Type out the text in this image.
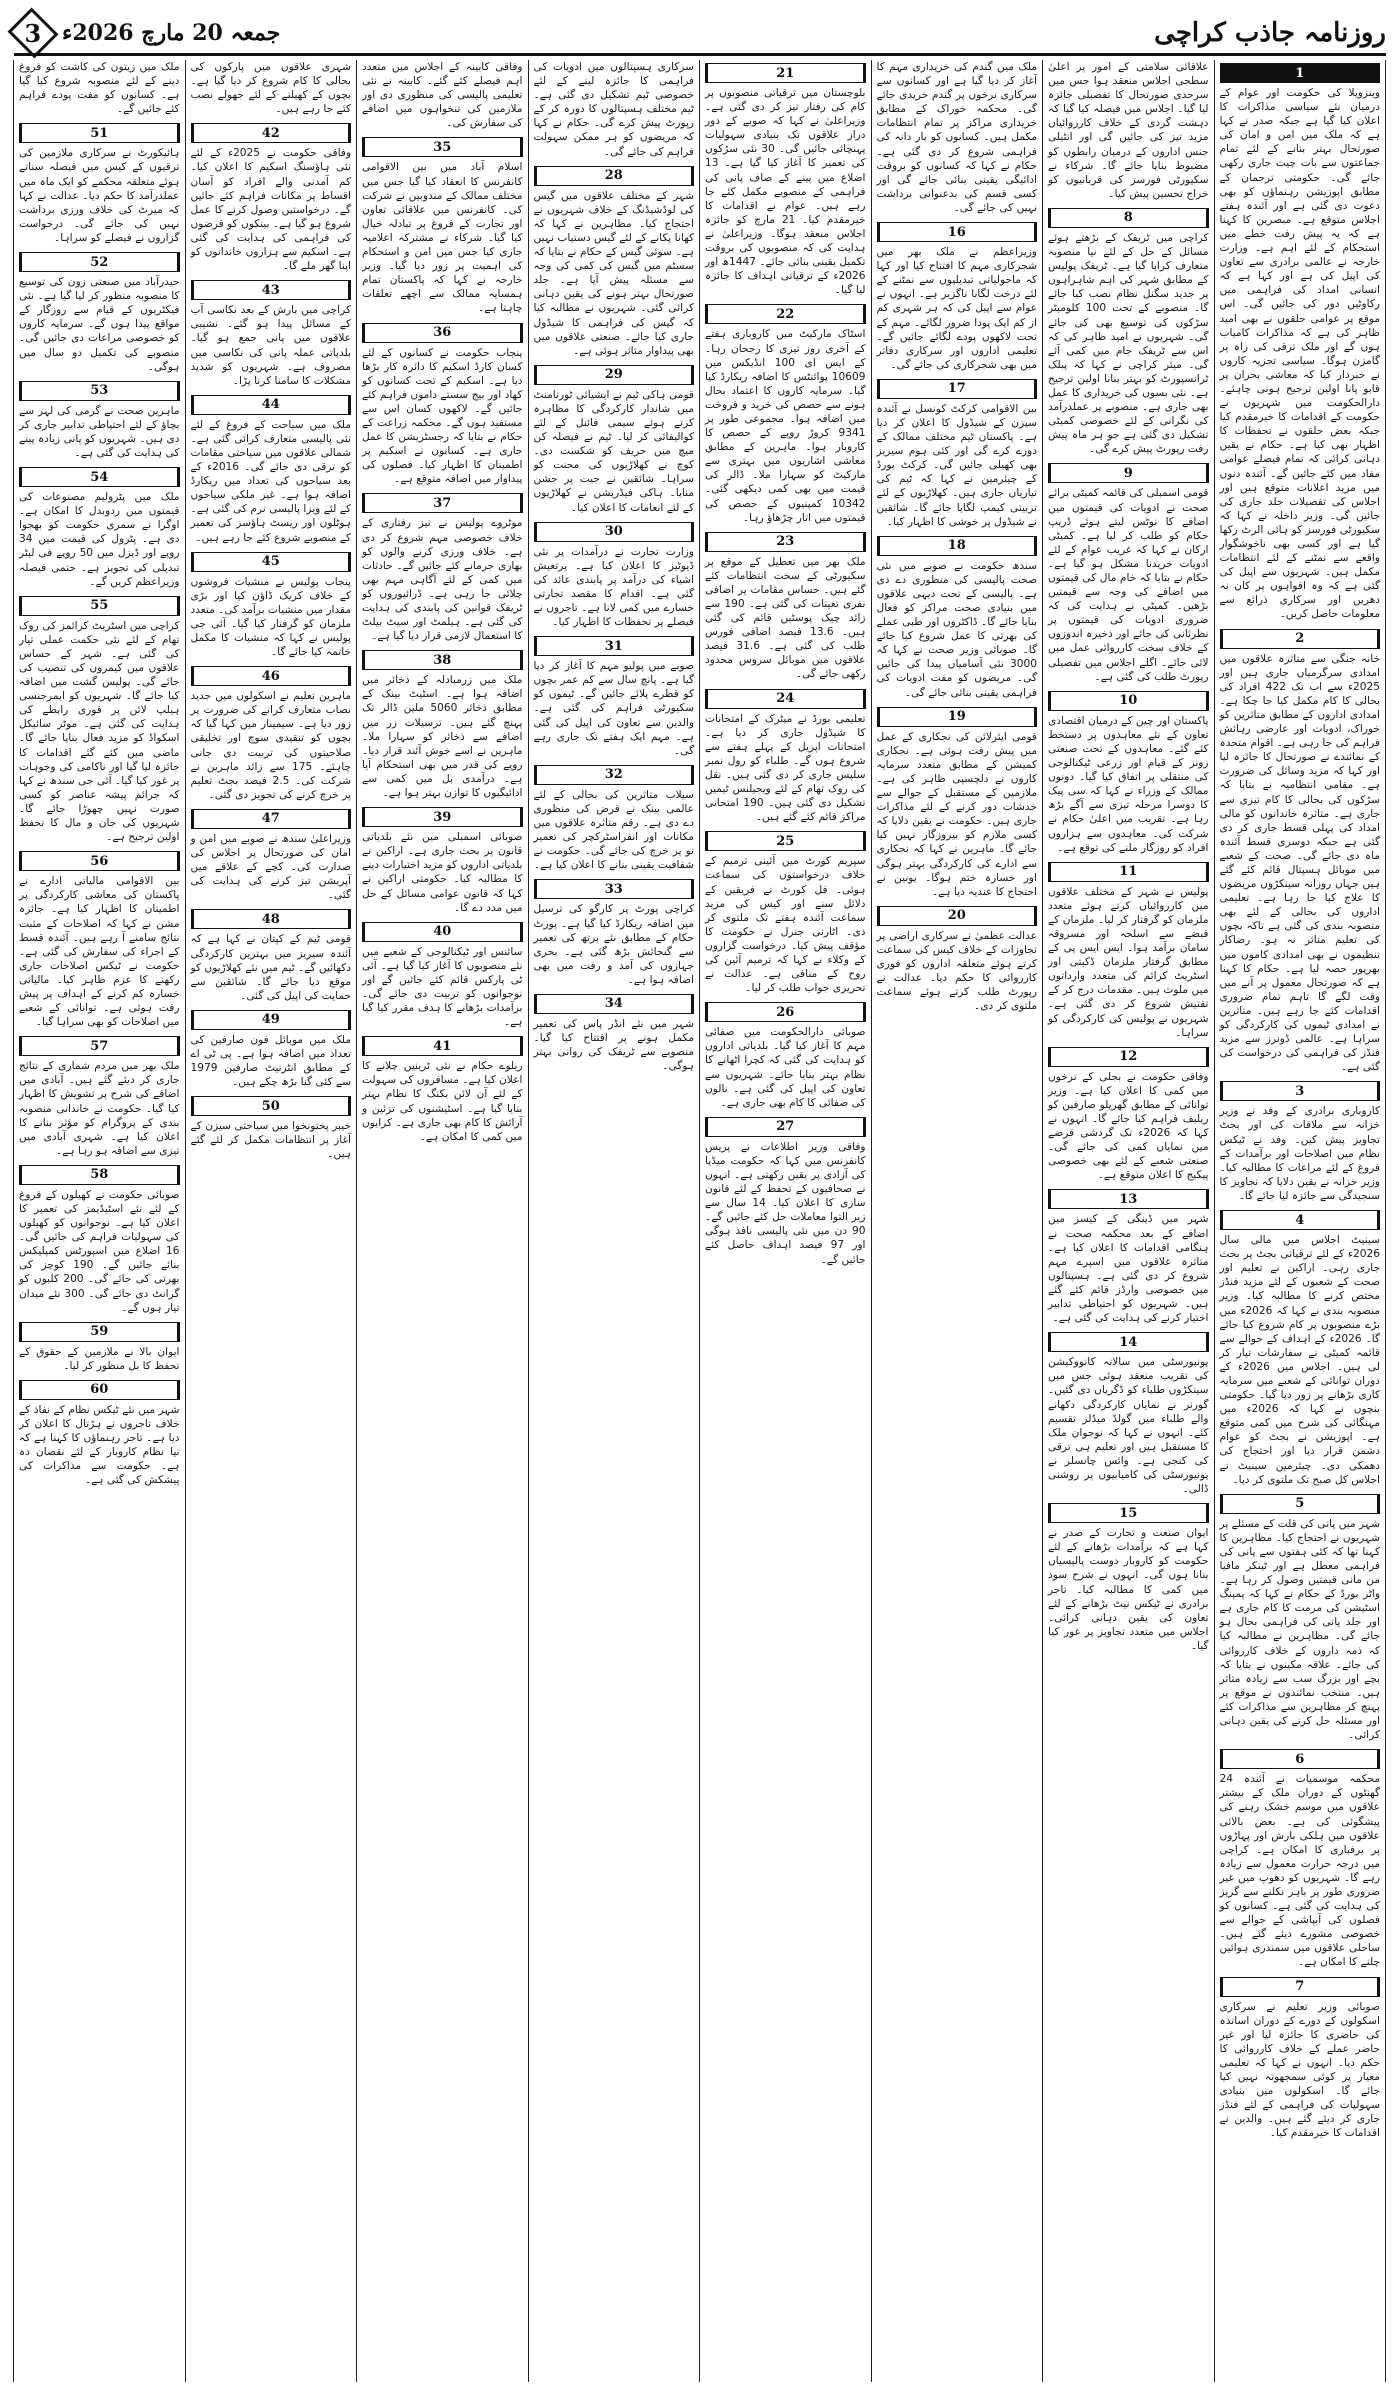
روزنامہ جاذب کراچی
جمعہ 20 مارچ 2026ء
3
1
وینزویلا کی حکومت اور عوام کے درمیان نئے سیاسی مذاکرات کا اعلان کیا گیا ہے جبکہ صدر نے کہا ہے کہ ملک میں امن و امان کی صورتحال بہتر بنانے کے لئے تمام جماعتوں سے بات چیت جاری رکھی جائے گی۔ حکومتی ترجمان کے مطابق اپوزیشن رہنماؤں کو بھی دعوت دی گئی ہے اور آئندہ ہفتے اجلاس متوقع ہے۔ مبصرین کا کہنا ہے کہ یہ پیش رفت خطے میں استحکام کے لئے اہم ہے۔ وزارت خارجہ نے عالمی برادری سے تعاون کی اپیل کی ہے اور کہا ہے کہ انسانی امداد کی فراہمی میں رکاوٹیں دور کی جائیں گی۔ اس موقع پر عوامی حلقوں نے بھی امید ظاہر کی ہے کہ مذاکرات کامیاب ہوں گے اور ملک ترقی کی راہ پر گامزن ہوگا۔ سیاسی تجزیہ کاروں نے خبردار کیا کہ معاشی بحران پر قابو پانا اولین ترجیح ہونی چاہئے۔ دارالحکومت میں شہریوں نے حکومت کے اقدامات کا خیرمقدم کیا جبکہ بعض حلقوں نے تحفظات کا اظہار بھی کیا ہے۔ حکام نے یقین دہانی کرائی کہ تمام فیصلے عوامی مفاد میں کئے جائیں گے۔ آئندہ دنوں میں مزید اعلانات متوقع ہیں اور اجلاس کی تفصیلات جلد جاری کی جائیں گی۔ وزیر داخلہ نے کہا کہ سکیورٹی فورسز کو ہائی الرٹ رکھا گیا ہے اور کسی بھی ناخوشگوار واقعے سے نمٹنے کے لئے انتظامات مکمل ہیں۔ شہریوں سے اپیل کی گئی ہے کہ وہ افواہوں پر کان نہ دھریں اور سرکاری ذرائع سے معلومات حاصل کریں۔
2
خانہ جنگی سے متاثرہ علاقوں میں امدادی سرگرمیاں جاری ہیں اور 2025ء سے اب تک 422 افراد کی بحالی کا کام مکمل کیا جا چکا ہے۔ امدادی اداروں کے مطابق متاثرین کو خوراک، ادویات اور عارضی رہائش فراہم کی جا رہی ہے۔ اقوام متحدہ کے نمائندے نے صورتحال کا جائزہ لیا اور کہا کہ مزید وسائل کی ضرورت ہے۔ مقامی انتظامیہ نے بتایا کہ سڑکوں کی بحالی کا کام تیزی سے جاری ہے۔ متاثرہ خاندانوں کو مالی امداد کی پہلی قسط جاری کر دی گئی ہے جبکہ دوسری قسط آئندہ ماہ دی جائے گی۔ صحت کے شعبے میں موبائل ہسپتال قائم کئے گئے ہیں جہاں روزانہ سینکڑوں مریضوں کا علاج کیا جا رہا ہے۔ تعلیمی اداروں کی بحالی کے لئے بھی منصوبہ بندی کی گئی ہے تاکہ بچوں کی تعلیم متاثر نہ ہو۔ رضاکار تنظیموں نے بھی امدادی کاموں میں بھرپور حصہ لیا ہے۔ حکام کا کہنا ہے کہ صورتحال معمول پر آنے میں وقت لگے گا تاہم تمام ضروری اقدامات کئے جا رہے ہیں۔ متاثرین نے امدادی ٹیموں کی کارکردگی کو سراہا ہے۔ عالمی ڈونرز سے مزید فنڈز کی فراہمی کی درخواست کی گئی ہے۔
3
کاروباری برادری کے وفد نے وزیر خزانہ سے ملاقات کی اور بجٹ تجاویز پیش کیں۔ وفد نے ٹیکس نظام میں اصلاحات اور برآمدات کے فروغ کے لئے مراعات کا مطالبہ کیا۔ وزیر خزانہ نے یقین دلایا کہ تجاویز کا سنجیدگی سے جائزہ لیا جائے گا۔
4
سینیٹ اجلاس میں مالی سال 2026ء کے لئے ترقیاتی بجٹ پر بحث جاری رہی۔ اراکین نے تعلیم اور صحت کے شعبوں کے لئے مزید فنڈز مختص کرنے کا مطالبہ کیا۔ وزیر منصوبہ بندی نے کہا کہ 2026ء میں بڑے منصوبوں پر کام شروع کیا جائے گا۔ 2026ء کے اہداف کے حوالے سے قائمہ کمیٹی نے سفارشات تیار کر لی ہیں۔ اجلاس میں 2026ء کے دوران توانائی کے شعبے میں سرمایہ کاری بڑھانے پر زور دیا گیا۔ حکومتی بنچوں نے کہا کہ 2026ء میں مہنگائی کی شرح میں کمی متوقع ہے۔ اپوزیشن نے بجٹ کو عوام دشمن قرار دیا اور احتجاج کی دھمکی دی۔ چیئرمین سینیٹ نے اجلاس کل صبح تک ملتوی کر دیا۔
5
شہر میں پانی کی قلت کے مسئلے پر شہریوں نے احتجاج کیا۔ مظاہرین کا کہنا تھا کہ کئی ہفتوں سے پانی کی فراہمی معطل ہے اور ٹینکر مافیا من مانی قیمتیں وصول کر رہا ہے۔ واٹر بورڈ کے حکام نے کہا کہ پمپنگ اسٹیشن کی مرمت کا کام جاری ہے اور جلد پانی کی فراہمی بحال ہو جائے گی۔ مظاہرین نے مطالبہ کیا کہ ذمہ داروں کے خلاف کارروائی کی جائے۔ علاقہ مکینوں نے بتایا کہ بچے اور بزرگ سب سے زیادہ متاثر ہیں۔ منتخب نمائندوں نے موقع پر پہنچ کر مظاہرین سے مذاکرات کئے اور مسئلہ حل کرنے کی یقین دہانی کرائی۔
6
محکمہ موسمیات نے آئندہ 24 گھنٹوں کے دوران ملک کے بیشتر علاقوں میں موسم خشک رہنے کی پیشگوئی کی ہے۔ بعض بالائی علاقوں میں ہلکی بارش اور پہاڑوں پر برفباری کا امکان ہے۔ کراچی میں درجہ حرارت معمول سے زیادہ رہے گا۔ شہریوں کو دھوپ میں غیر ضروری طور پر باہر نکلنے سے گریز کی ہدایت کی گئی ہے۔ کسانوں کو فصلوں کی آبپاشی کے حوالے سے خصوصی مشورے دیئے گئے ہیں۔ ساحلی علاقوں میں سمندری ہوائیں چلنے کا امکان ہے۔
7
صوبائی وزیر تعلیم نے سرکاری اسکولوں کے دورے کے دوران اساتذہ کی حاضری کا جائزہ لیا اور غیر حاضر عملے کے خلاف کارروائی کا حکم دیا۔ انہوں نے کہا کہ تعلیمی معیار پر کوئی سمجھوتہ نہیں کیا جائے گا۔ اسکولوں میں بنیادی سہولیات کی فراہمی کے لئے فنڈز جاری کر دیئے گئے ہیں۔ والدین نے اقدامات کا خیرمقدم کیا۔
علاقائی سلامتی کے امور پر اعلیٰ سطحی اجلاس منعقد ہوا جس میں سرحدی صورتحال کا تفصیلی جائزہ لیا گیا۔ اجلاس میں فیصلہ کیا گیا کہ دہشت گردی کے خلاف کارروائیاں مزید تیز کی جائیں گی اور انٹیلی جنس اداروں کے درمیان رابطوں کو مضبوط بنایا جائے گا۔ شرکاء نے سکیورٹی فورسز کی قربانیوں کو خراج تحسین پیش کیا۔
8
کراچی میں ٹریفک کے بڑھتے ہوئے مسائل کے حل کے لئے نیا منصوبہ متعارف کرایا گیا ہے۔ ٹریفک پولیس کے مطابق شہر کی اہم شاہراہوں پر جدید سگنل نظام نصب کیا جائے گا۔ منصوبے کے تحت 100 کلومیٹر سڑکوں کی توسیع بھی کی جائے گی۔ شہریوں نے امید ظاہر کی کہ اس سے ٹریفک جام میں کمی آئے گی۔ میئر کراچی نے کہا کہ پبلک ٹرانسپورٹ کو بہتر بنانا اولین ترجیح ہے۔ نئی بسوں کی خریداری کا عمل بھی جاری ہے۔ منصوبے پر عملدرآمد کی نگرانی کے لئے خصوصی کمیٹی تشکیل دی گئی ہے جو ہر ماہ پیش رفت رپورٹ پیش کرے گی۔
9
قومی اسمبلی کی قائمہ کمیٹی برائے صحت نے ادویات کی قیمتوں میں اضافے کا نوٹس لیتے ہوئے ڈریپ حکام کو طلب کر لیا ہے۔ کمیٹی ارکان نے کہا کہ غریب عوام کے لئے ادویات خریدنا مشکل ہو گیا ہے۔ حکام نے بتایا کہ خام مال کی قیمتوں میں اضافے کی وجہ سے قیمتیں بڑھیں۔ کمیٹی نے ہدایت کی کہ ضروری ادویات کی قیمتوں پر نظرثانی کی جائے اور ذخیرہ اندوزوں کے خلاف سخت کارروائی عمل میں لائی جائے۔ اگلے اجلاس میں تفصیلی رپورٹ طلب کی گئی ہے۔
10
پاکستان اور چین کے درمیان اقتصادی تعاون کے نئے معاہدوں پر دستخط کئے گئے۔ معاہدوں کے تحت صنعتی زونز کے قیام اور زرعی ٹیکنالوجی کی منتقلی پر اتفاق کیا گیا۔ دونوں ممالک کے وزراء نے کہا کہ سی پیک کا دوسرا مرحلہ تیزی سے آگے بڑھ رہا ہے۔ تقریب میں اعلیٰ حکام نے شرکت کی۔ معاہدوں سے ہزاروں افراد کو روزگار ملنے کی توقع ہے۔
11
پولیس نے شہر کے مختلف علاقوں میں کارروائیاں کرتے ہوئے متعدد ملزمان کو گرفتار کر لیا۔ ملزمان کے قبضے سے اسلحہ اور مسروقہ سامان برآمد ہوا۔ ایس ایس پی کے مطابق گرفتار ملزمان ڈکیتی اور اسٹریٹ کرائم کی متعدد وارداتوں میں ملوث ہیں۔ مقدمات درج کر کے تفتیش شروع کر دی گئی ہے۔ شہریوں نے پولیس کی کارکردگی کو سراہا۔
12
وفاقی حکومت نے بجلی کے نرخوں میں کمی کا اعلان کیا ہے۔ وزیر توانائی کے مطابق گھریلو صارفین کو ریلیف فراہم کیا جائے گا۔ انہوں نے کہا کہ 2026ء تک گردشی قرضے میں نمایاں کمی کی جائے گی۔ صنعتی شعبے کے لئے بھی خصوصی پیکیج کا اعلان متوقع ہے۔
13
شہر میں ڈینگی کے کیسز میں اضافے کے بعد محکمہ صحت نے ہنگامی اقدامات کا اعلان کیا ہے۔ متاثرہ علاقوں میں اسپرے مہم شروع کر دی گئی ہے۔ ہسپتالوں میں خصوصی وارڈز قائم کئے گئے ہیں۔ شہریوں کو احتیاطی تدابیر اختیار کرنے کی ہدایت کی گئی ہے۔
14
یونیورسٹی میں سالانہ کانووکیشن کی تقریب منعقد ہوئی جس میں سینکڑوں طلباء کو ڈگریاں دی گئیں۔ گورنر نے نمایاں کارکردگی دکھانے والے طلباء میں گولڈ میڈلز تقسیم کئے۔ انہوں نے کہا کہ نوجوان ملک کا مستقبل ہیں اور تعلیم ہی ترقی کی کنجی ہے۔ وائس چانسلر نے یونیورسٹی کی کامیابیوں پر روشنی ڈالی۔
15
ایوان صنعت و تجارت کے صدر نے کہا ہے کہ برآمدات بڑھانے کے لئے حکومت کو کاروبار دوست پالیسیاں بنانا ہوں گی۔ انہوں نے شرح سود میں کمی کا مطالبہ کیا۔ تاجر برادری نے ٹیکس نیٹ بڑھانے کے لئے تعاون کی یقین دہانی کرائی۔ اجلاس میں متعدد تجاویز پر غور کیا گیا۔
ملک میں گندم کی خریداری مہم کا آغاز کر دیا گیا ہے اور کسانوں سے سرکاری نرخوں پر گندم خریدی جائے گی۔ محکمہ خوراک کے مطابق خریداری مراکز پر تمام انتظامات مکمل ہیں۔ کسانوں کو بار دانہ کی فراہمی شروع کر دی گئی ہے۔ حکام نے کہا کہ کسانوں کو بروقت ادائیگی یقینی بنائی جائے گی اور کسی قسم کی بدعنوانی برداشت نہیں کی جائے گی۔
16
وزیراعظم نے ملک بھر میں شجرکاری مہم کا افتتاح کیا اور کہا کہ ماحولیاتی تبدیلیوں سے نمٹنے کے لئے درخت لگانا ناگزیر ہے۔ انہوں نے عوام سے اپیل کی کہ ہر شہری کم از کم ایک پودا ضرور لگائے۔ مہم کے تحت لاکھوں پودے لگائے جائیں گے۔ تعلیمی اداروں اور سرکاری دفاتر میں بھی شجرکاری کی جائے گی۔
17
بین الاقوامی کرکٹ کونسل نے آئندہ سیزن کے شیڈول کا اعلان کر دیا ہے۔ پاکستان ٹیم مختلف ممالک کے دورے کرے گی اور کئی ہوم سیریز بھی کھیلی جائیں گی۔ کرکٹ بورڈ کے چیئرمین نے کہا کہ ٹیم کی تیاریاں جاری ہیں۔ کھلاڑیوں کے لئے تربیتی کیمپ لگایا جائے گا۔ شائقین نے شیڈول پر خوشی کا اظہار کیا۔
18
سندھ حکومت نے صوبے میں نئی صحت پالیسی کی منظوری دے دی ہے۔ پالیسی کے تحت دیہی علاقوں میں بنیادی صحت مراکز کو فعال بنایا جائے گا۔ ڈاکٹروں اور طبی عملے کی بھرتی کا عمل شروع کیا جائے گا۔ صوبائی وزیر صحت نے کہا کہ 3000 نئی آسامیاں پیدا کی جائیں گی۔ مریضوں کو مفت ادویات کی فراہمی یقینی بنائی جائے گی۔
19
قومی ایئرلائن کی نجکاری کے عمل میں پیش رفت ہوئی ہے۔ نجکاری کمیشن کے مطابق متعدد سرمایہ کاروں نے دلچسپی ظاہر کی ہے۔ ملازمین کے مستقبل کے حوالے سے خدشات دور کرنے کے لئے مذاکرات جاری ہیں۔ حکومت نے یقین دلایا کہ کسی ملازم کو بیروزگار نہیں کیا جائے گا۔ ماہرین نے کہا کہ نجکاری سے ادارے کی کارکردگی بہتر ہوگی اور خسارہ ختم ہوگا۔ یونین نے احتجاج کا عندیہ دیا ہے۔
20
عدالت عظمیٰ نے سرکاری اراضی پر تجاوزات کے خلاف کیس کی سماعت کرتے ہوئے متعلقہ اداروں کو فوری کارروائی کا حکم دیا۔ عدالت نے رپورٹ طلب کرتے ہوئے سماعت ملتوی کر دی۔
21
بلوچستان میں ترقیاتی منصوبوں پر کام کی رفتار تیز کر دی گئی ہے۔ وزیراعلیٰ نے کہا کہ صوبے کے دور دراز علاقوں تک بنیادی سہولیات پہنچائی جائیں گی۔ 30 نئی سڑکوں کی تعمیر کا آغاز کیا گیا ہے۔ 13 اضلاع میں پینے کے صاف پانی کی فراہمی کے منصوبے مکمل کئے جا رہے ہیں۔ عوام نے اقدامات کا خیرمقدم کیا۔ 21 مارچ کو جائزہ اجلاس منعقد ہوگا۔ وزیراعلیٰ نے ہدایت کی کہ منصوبوں کی بروقت تکمیل یقینی بنائی جائے۔ 1447ھ اور 2026ء کے ترقیاتی اہداف کا جائزہ لیا گیا۔
22
اسٹاک مارکیٹ میں کاروباری ہفتے کے آخری روز تیزی کا رجحان رہا۔ کے ایس ای 100 انڈیکس میں 10609 پوائنٹس کا اضافہ ریکارڈ کیا گیا۔ سرمایہ کاروں کا اعتماد بحال ہونے سے حصص کی خرید و فروخت میں اضافہ ہوا۔ مجموعی طور پر 9341 کروڑ روپے کے حصص کا کاروبار ہوا۔ ماہرین کے مطابق معاشی اشاریوں میں بہتری سے مارکیٹ کو سہارا ملا۔ ڈالر کی قیمت میں بھی کمی دیکھی گئی۔ 10342 کمپنیوں کے حصص کی قیمتوں میں اتار چڑھاؤ رہا۔
23
ملک بھر میں تعطیل کے موقع پر سکیورٹی کے سخت انتظامات کئے گئے ہیں۔ حساس مقامات پر اضافی نفری تعینات کی گئی ہے۔ 190 سے زائد چیک پوسٹیں قائم کی گئی ہیں۔ 13.6 فیصد اضافی فورس طلب کی گئی ہے۔ 31.6 فیصد علاقوں میں موبائل سروس محدود رکھی جائے گی۔
24
تعلیمی بورڈ نے میٹرک کے امتحانات کا شیڈول جاری کر دیا ہے۔ امتحانات اپریل کے پہلے ہفتے سے شروع ہوں گے۔ طلباء کو رول نمبر سلپس جاری کر دی گئی ہیں۔ نقل کی روک تھام کے لئے ویجیلنس ٹیمیں تشکیل دی گئی ہیں۔ 190 امتحانی مراکز قائم کئے گئے ہیں۔
25
سپریم کورٹ میں آئینی ترمیم کے خلاف درخواستوں کی سماعت ہوئی۔ فل کورٹ نے فریقین کے دلائل سنے اور کیس کی مزید سماعت آئندہ ہفتے تک ملتوی کر دی۔ اٹارنی جنرل نے حکومت کا مؤقف پیش کیا۔ درخواست گزاروں کے وکلاء نے کہا کہ ترمیم آئین کی روح کے منافی ہے۔ عدالت نے تحریری جواب طلب کر لیا۔
26
صوبائی دارالحکومت میں صفائی مہم کا آغاز کیا گیا۔ بلدیاتی اداروں کو ہدایت کی گئی کہ کچرا اٹھانے کا نظام بہتر بنایا جائے۔ شہریوں سے تعاون کی اپیل کی گئی ہے۔ نالوں کی صفائی کا کام بھی جاری ہے۔
27
وفاقی وزیر اطلاعات نے پریس کانفرنس میں کہا کہ حکومت میڈیا کی آزادی پر یقین رکھتی ہے۔ انہوں نے صحافیوں کے تحفظ کے لئے قانون سازی کا اعلان کیا۔ 14 سال سے زیر التوا معاملات حل کئے جائیں گے۔ 90 دن میں نئی پالیسی نافذ ہوگی اور 97 فیصد اہداف حاصل کئے جائیں گے۔
سرکاری ہسپتالوں میں ادویات کی فراہمی کا جائزہ لینے کے لئے خصوصی ٹیم تشکیل دی گئی ہے۔ ٹیم مختلف ہسپتالوں کا دورہ کر کے رپورٹ پیش کرے گی۔ حکام نے کہا کہ مریضوں کو ہر ممکن سہولت فراہم کی جائے گی۔
28
شہر کے مختلف علاقوں میں گیس کی لوڈشیڈنگ کے خلاف شہریوں نے احتجاج کیا۔ مظاہرین نے کہا کہ کھانا پکانے کے لئے گیس دستیاب نہیں ہے۔ سوئی گیس کے حکام نے بتایا کہ سسٹم میں گیس کی کمی کی وجہ سے مسئلہ پیش آیا ہے۔ جلد صورتحال بہتر ہونے کی یقین دہانی کرائی گئی۔ شہریوں نے مطالبہ کیا کہ گیس کی فراہمی کا شیڈول جاری کیا جائے۔ صنعتی علاقوں میں بھی پیداوار متاثر ہوئی ہے۔
29
قومی ہاکی ٹیم نے ایشیائی ٹورنامنٹ میں شاندار کارکردگی کا مظاہرہ کرتے ہوئے سیمی فائنل کے لئے کوالیفائی کر لیا۔ ٹیم نے فیصلہ کن میچ میں حریف کو شکست دی۔ کوچ نے کھلاڑیوں کی محنت کو سراہا۔ شائقین نے جیت پر جشن منایا۔ ہاکی فیڈریشن نے کھلاڑیوں کے لئے انعامات کا اعلان کیا۔
30
وزارت تجارت نے درآمدات پر نئی ڈیوٹیز کا اعلان کیا ہے۔ پرتعیش اشیاء کی درآمد پر پابندی عائد کی گئی ہے۔ اقدام کا مقصد تجارتی خسارے میں کمی لانا ہے۔ تاجروں نے فیصلے پر تحفظات کا اظہار کیا۔
31
صوبے میں پولیو مہم کا آغاز کر دیا گیا ہے۔ پانچ سال سے کم عمر بچوں کو قطرے پلائے جائیں گے۔ ٹیموں کو سکیورٹی فراہم کی گئی ہے۔ والدین سے تعاون کی اپیل کی گئی ہے۔ مہم ایک ہفتے تک جاری رہے گی۔
32
سیلاب متاثرین کی بحالی کے لئے عالمی بینک نے قرض کی منظوری دے دی ہے۔ رقم متاثرہ علاقوں میں مکانات اور انفراسٹرکچر کی تعمیر نو پر خرچ کی جائے گی۔ حکومت نے شفافیت یقینی بنانے کا اعلان کیا ہے۔
33
کراچی پورٹ پر کارگو کی ترسیل میں اضافہ ریکارڈ کیا گیا ہے۔ پورٹ حکام کے مطابق نئے برتھ کی تعمیر سے گنجائش بڑھ گئی ہے۔ بحری جہازوں کی آمد و رفت میں بھی اضافہ ہوا ہے۔
34
شہر میں نئے انڈر پاس کی تعمیر مکمل ہونے پر افتتاح کیا گیا۔ منصوبے سے ٹریفک کی روانی بہتر ہوگی۔
وفاقی کابینہ کے اجلاس میں متعدد اہم فیصلے کئے گئے۔ کابینہ نے نئی تعلیمی پالیسی کی منظوری دی اور ملازمین کی تنخواہوں میں اضافے کی سفارش کی۔
35
اسلام آباد میں بین الاقوامی کانفرنس کا انعقاد کیا گیا جس میں مختلف ممالک کے مندوبین نے شرکت کی۔ کانفرنس میں علاقائی تعاون اور تجارت کے فروغ پر تبادلہ خیال کیا گیا۔ شرکاء نے مشترکہ اعلامیہ جاری کیا جس میں امن و استحکام کی اہمیت پر زور دیا گیا۔ وزیر خارجہ نے کہا کہ پاکستان تمام ہمسایہ ممالک سے اچھے تعلقات چاہتا ہے۔
36
پنجاب حکومت نے کسانوں کے لئے کسان کارڈ اسکیم کا دائرہ کار بڑھا دیا ہے۔ اسکیم کے تحت کسانوں کو کھاد اور بیج سستے داموں فراہم کئے جائیں گے۔ لاکھوں کسان اس سے مستفید ہوں گے۔ محکمہ زراعت کے حکام نے بتایا کہ رجسٹریشن کا عمل جاری ہے۔ کسانوں نے اسکیم پر اطمینان کا اظہار کیا۔ فصلوں کی پیداوار میں اضافہ متوقع ہے۔
37
موٹروے پولیس نے تیز رفتاری کے خلاف خصوصی مہم شروع کر دی ہے۔ خلاف ورزی کرنے والوں کو بھاری جرمانے کئے جائیں گے۔ حادثات میں کمی کے لئے آگاہی مہم بھی چلائی جا رہی ہے۔ ڈرائیوروں کو ٹریفک قوانین کی پابندی کی ہدایت کی گئی ہے۔ ہیلمٹ اور سیٹ بیلٹ کا استعمال لازمی قرار دیا گیا ہے۔
38
ملک میں زرمبادلہ کے ذخائر میں اضافہ ہوا ہے۔ اسٹیٹ بینک کے مطابق ذخائر 5060 ملین ڈالر تک پہنچ گئے ہیں۔ ترسیلات زر میں اضافے سے ذخائر کو سہارا ملا۔ ماہرین نے اسے خوش آئند قرار دیا۔ روپے کی قدر میں بھی استحکام آیا ہے۔ درآمدی بل میں کمی سے ادائیگیوں کا توازن بہتر ہوا ہے۔
39
صوبائی اسمبلی میں نئے بلدیاتی قانون پر بحث جاری ہے۔ اراکین نے بلدیاتی اداروں کو مزید اختیارات دینے کا مطالبہ کیا۔ حکومتی اراکین نے کہا کہ قانون عوامی مسائل کے حل میں مدد دے گا۔
40
سائنس اور ٹیکنالوجی کے شعبے میں نئے منصوبوں کا آغاز کیا گیا ہے۔ آئی ٹی پارکس قائم کئے جائیں گے اور نوجوانوں کو تربیت دی جائے گی۔ برآمدات بڑھانے کا ہدف مقرر کیا گیا ہے۔
41
ریلوے حکام نے نئی ٹرینیں چلانے کا اعلان کیا ہے۔ مسافروں کی سہولت کے لئے آن لائن بکنگ کا نظام بہتر بنایا گیا ہے۔ اسٹیشنوں کی تزئین و آرائش کا کام بھی جاری ہے۔ کرایوں میں کمی کا امکان ہے۔
شہری علاقوں میں پارکوں کی بحالی کا کام شروع کر دیا گیا ہے۔ بچوں کے کھیلنے کے لئے جھولے نصب کئے جا رہے ہیں۔
42
وفاقی حکومت نے 2025ء کے لئے نئی ہاؤسنگ اسکیم کا اعلان کیا۔ کم آمدنی والے افراد کو آسان اقساط پر مکانات فراہم کئے جائیں گے۔ درخواستیں وصول کرنے کا عمل شروع ہو گیا ہے۔ بینکوں کو قرضوں کی فراہمی کی ہدایت کی گئی ہے۔ اسکیم سے ہزاروں خاندانوں کو اپنا گھر ملے گا۔
43
کراچی میں بارش کے بعد نکاسی آب کے مسائل پیدا ہو گئے۔ نشیبی علاقوں میں پانی جمع ہو گیا۔ بلدیاتی عملہ پانی کی نکاسی میں مصروف ہے۔ شہریوں کو شدید مشکلات کا سامنا کرنا پڑا۔
44
ملک میں سیاحت کے فروغ کے لئے نئی پالیسی متعارف کرائی گئی ہے۔ شمالی علاقوں میں سیاحتی مقامات کو ترقی دی جائے گی۔ 2016ء کے بعد سیاحوں کی تعداد میں ریکارڈ اضافہ ہوا ہے۔ غیر ملکی سیاحوں کے لئے ویزا پالیسی نرم کی گئی ہے۔ ہوٹلوں اور ریسٹ ہاؤسز کی تعمیر کے منصوبے شروع کئے جا رہے ہیں۔
45
پنجاب پولیس نے منشیات فروشوں کے خلاف کریک ڈاؤن کیا اور بڑی مقدار میں منشیات برآمد کی۔ متعدد ملزمان کو گرفتار کیا گیا۔ آئی جی پولیس نے کہا کہ منشیات کا مکمل خاتمہ کیا جائے گا۔
46
ماہرین تعلیم نے اسکولوں میں جدید نصاب متعارف کرانے کی ضرورت پر زور دیا ہے۔ سیمینار میں کہا گیا کہ بچوں کو تنقیدی سوچ اور تخلیقی صلاحیتوں کی تربیت دی جانی چاہئے۔ 175 سے زائد ماہرین نے شرکت کی۔ 2.5 فیصد بجٹ تعلیم پر خرچ کرنے کی تجویز دی گئی۔
47
وزیراعلیٰ سندھ نے صوبے میں امن و امان کی صورتحال پر اجلاس کی صدارت کی۔ کچے کے علاقے میں آپریشن تیز کرنے کی ہدایت کی گئی۔
48
قومی ٹیم کے کپتان نے کہا ہے کہ آئندہ سیریز میں بہترین کارکردگی دکھائیں گے۔ ٹیم میں نئے کھلاڑیوں کو موقع دیا جائے گا۔ شائقین سے حمایت کی اپیل کی گئی۔
49
ملک میں موبائل فون صارفین کی تعداد میں اضافہ ہوا ہے۔ پی ٹی اے کے مطابق انٹرنیٹ صارفین 1979 سے کئی گنا بڑھ چکے ہیں۔
50
خیبر پختونخوا میں سیاحتی سیزن کے آغاز پر انتظامات مکمل کر لئے گئے ہیں۔
ملک میں زیتون کی کاشت کو فروغ دینے کے لئے منصوبہ شروع کیا گیا ہے۔ کسانوں کو مفت پودے فراہم کئے جائیں گے۔
51
ہائیکورٹ نے سرکاری ملازمین کی ترقیوں کے کیس میں فیصلہ سناتے ہوئے متعلقہ محکمے کو ایک ماہ میں عملدرآمد کا حکم دیا۔ عدالت نے کہا کہ میرٹ کی خلاف ورزی برداشت نہیں کی جائے گی۔ درخواست گزاروں نے فیصلے کو سراہا۔
52
حیدرآباد میں صنعتی زون کی توسیع کا منصوبہ منظور کر لیا گیا ہے۔ نئی فیکٹریوں کے قیام سے روزگار کے مواقع پیدا ہوں گے۔ سرمایہ کاروں کو خصوصی مراعات دی جائیں گی۔ منصوبے کی تکمیل دو سال میں ہوگی۔
53
ماہرین صحت نے گرمی کی لہر سے بچاؤ کے لئے احتیاطی تدابیر جاری کر دی ہیں۔ شہریوں کو پانی زیادہ پینے کی ہدایت کی گئی ہے۔
54
ملک میں پٹرولیم مصنوعات کی قیمتوں میں ردوبدل کا امکان ہے۔ اوگرا نے سمری حکومت کو بھجوا دی ہے۔ پٹرول کی قیمت میں 34 روپے اور ڈیزل میں 50 روپے فی لیٹر تبدیلی کی تجویز ہے۔ حتمی فیصلہ وزیراعظم کریں گے۔
55
کراچی میں اسٹریٹ کرائمز کی روک تھام کے لئے نئی حکمت عملی تیار کی گئی ہے۔ شہر کے حساس علاقوں میں کیمروں کی تنصیب کی جائے گی۔ پولیس گشت میں اضافہ کیا جائے گا۔ شہریوں کو ایمرجنسی ہیلپ لائن پر فوری رابطے کی ہدایت کی گئی ہے۔ موٹر سائیکل اسکواڈ کو مزید فعال بنایا جائے گا۔ ماضی میں کئے گئے اقدامات کا جائزہ لیا گیا اور ناکامی کی وجوہات پر غور کیا گیا۔ آئی جی سندھ نے کہا کہ جرائم پیشہ عناصر کو کسی صورت نہیں چھوڑا جائے گا۔ شہریوں کی جان و مال کا تحفظ اولین ترجیح ہے۔
56
بین الاقوامی مالیاتی ادارے نے پاکستان کی معاشی کارکردگی پر اطمینان کا اظہار کیا ہے۔ جائزہ مشن نے کہا کہ اصلاحات کے مثبت نتائج سامنے آ رہے ہیں۔ آئندہ قسط کے اجراء کی سفارش کی گئی ہے۔ حکومت نے ٹیکس اصلاحات جاری رکھنے کا عزم ظاہر کیا۔ مالیاتی خسارہ کم کرنے کے اہداف پر پیش رفت ہوئی ہے۔ توانائی کے شعبے میں اصلاحات کو بھی سراہا گیا۔
57
ملک بھر میں مردم شماری کے نتائج جاری کر دیئے گئے ہیں۔ آبادی میں اضافے کی شرح پر تشویش کا اظہار کیا گیا۔ حکومت نے خاندانی منصوبہ بندی کے پروگرام کو مؤثر بنانے کا اعلان کیا ہے۔ شہری آبادی میں تیزی سے اضافہ ہو رہا ہے۔
58
صوبائی حکومت نے کھیلوں کے فروغ کے لئے نئے اسٹیڈیمز کی تعمیر کا اعلان کیا ہے۔ نوجوانوں کو کھیلوں کی سہولیات فراہم کی جائیں گی۔ 16 اضلاع میں اسپورٹس کمپلیکس بنائے جائیں گے۔ 190 کوچز کی بھرتی کی جائے گی۔ 200 کلبوں کو گرانٹ دی جائے گی۔ 300 نئے میدان تیار ہوں گے۔
59
ایوان بالا نے ملازمین کے حقوق کے تحفظ کا بل منظور کر لیا۔
60
شہر میں نئے ٹیکس نظام کے نفاذ کے خلاف تاجروں نے ہڑتال کا اعلان کر دیا ہے۔ تاجر رہنماؤں کا کہنا ہے کہ نیا نظام کاروبار کے لئے نقصان دہ ہے۔ حکومت سے مذاکرات کی پیشکش کی گئی ہے۔
